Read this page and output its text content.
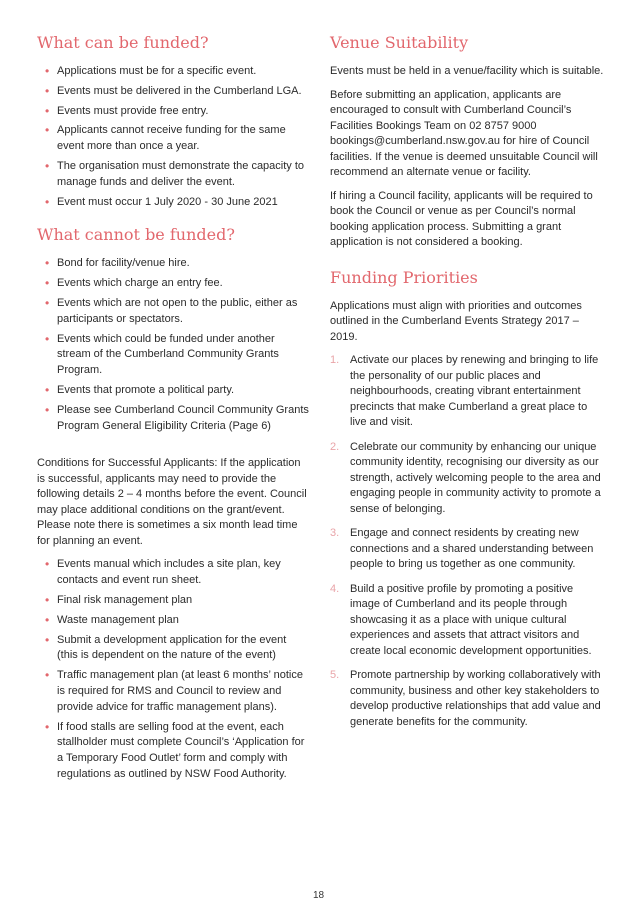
What can be funded?
• Applications must be for a specific event.
• Events must be delivered in the Cumberland LGA.
• Events must provide free entry.
• Applicants cannot receive funding for the same event more than once a year.
• The organisation must demonstrate the capacity to manage funds and deliver the event.
• Event must occur 1 July 2020 - 30 June 2021
What cannot be funded?
• Bond for facility/venue hire.
• Events which charge an entry fee.
• Events which are not open to the public, either as participants or spectators.
• Events which could be funded under another stream of the Cumberland Community Grants Program.
• Events that promote a political party.
• Please see Cumberland Council Community Grants Program General Eligibility Criteria (Page 6)

Conditions for Successful Applicants: If the application is successful, applicants may need to provide the following details 2 – 4 months before the event. Council may place additional conditions on the grant/event. Please note there is sometimes a six month lead time for planning an event.

• Events manual which includes a site plan, key contacts and event run sheet.
• Final risk management plan
• Waste management plan
• Submit a development application for the event (this is dependent on the nature of the event)
• Traffic management plan (at least 6 months’ notice is required for RMS and Council to review and provide advice for traffic management plans).
• If food stalls are selling food at the event, each stallholder must complete Council’s ‘Application for a Temporary Food Outlet’ form and comply with regulations as outlined by NSW Food Authority.
Venue Suitability

Events must be held in a venue/facility which is suitable.

Before submitting an application, applicants are encouraged to consult with Cumberland Council’s Facilities Bookings Team on 02 8757 9000 bookings@cumberland.nsw.gov.au for hire of Council facilities. If the venue is deemed unsuitable Council will recommend an alternate venue or facility.

If hiring a Council facility, applicants will be required to book the Council or venue as per Council’s normal booking application process. Submitting a grant application is not considered a booking.

Funding Priorities

Applications must align with priorities and outcomes outlined in the Cumberland Events Strategy 2017 – 2019.

1. Activate our places by renewing and bringing to life the personality of our public places and neighbourhoods, creating vibrant entertainment precincts that make Cumberland a great place to live and visit.
2. Celebrate our community by enhancing our unique community identity, recognising our diversity as our strength, actively welcoming people to the area and engaging people in community activity to promote a sense of belonging.
3. Engage and connect residents by creating new connections and a shared understanding between people to bring us together as one community.
4. Build a positive profile by promoting a positive image of Cumberland and its people through showcasing it as a place with unique cultural experiences and assets that attract visitors and create local economic development opportunities.
5. Promote partnership by working collaboratively with community, business and other key stakeholders to develop productive relationships that add value and generate benefits for the community.
18
